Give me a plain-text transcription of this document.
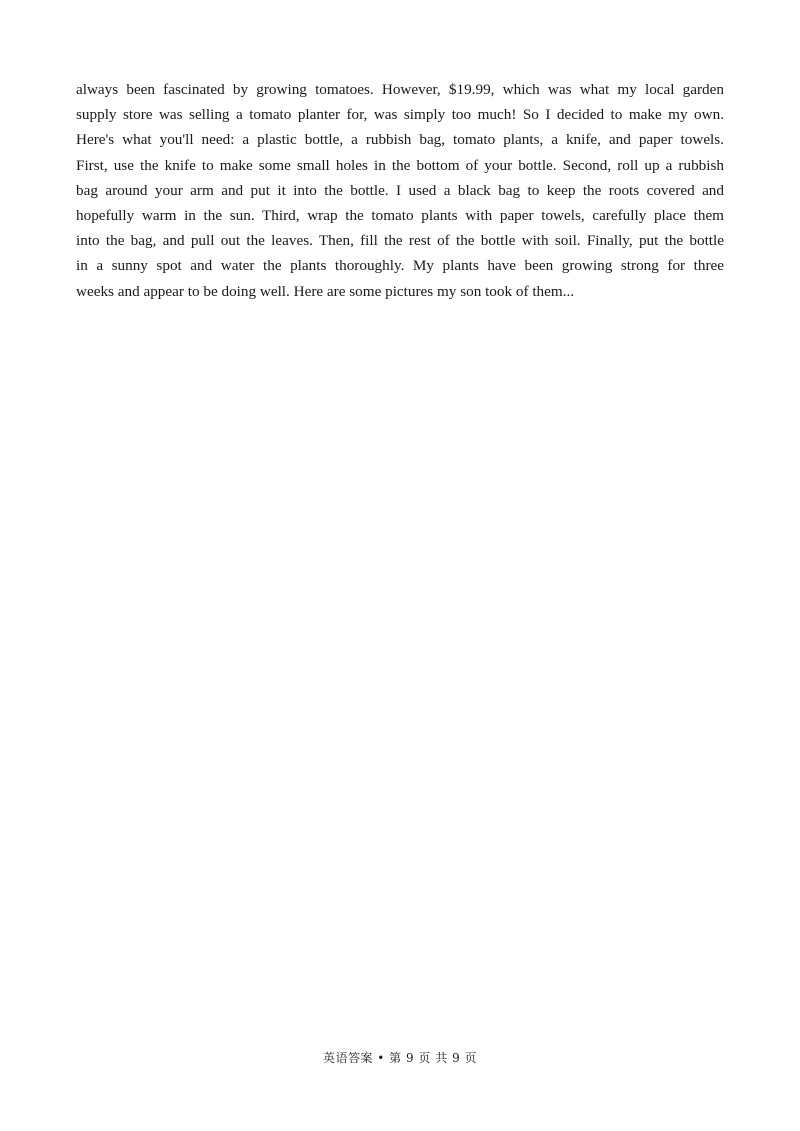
always been fascinated by growing tomatoes. However, $19.99, which was what my local garden
supply store was selling a tomato planter for, was simply too much! So I decided to make my own.
Here's what you'll need: a plastic bottle, a rubbish bag, tomato plants, a knife, and paper towels.
First, use the knife to make some small holes in the bottom of your bottle. Second, roll up a rubbish
bag around your arm and put it into the bottle. I used a black bag to keep the roots covered and
hopefully warm in the sun. Third, wrap the tomato plants with paper towels, carefully place them
into the bag, and pull out the leaves. Then, fill the rest of the bottle with soil. Finally, put the bottle
in a sunny spot and water the plants thoroughly. My plants have been growing strong for three
weeks and appear to be doing well. Here are some pictures my son took of them...
英语答案 • 第 9 页 共 9 页
